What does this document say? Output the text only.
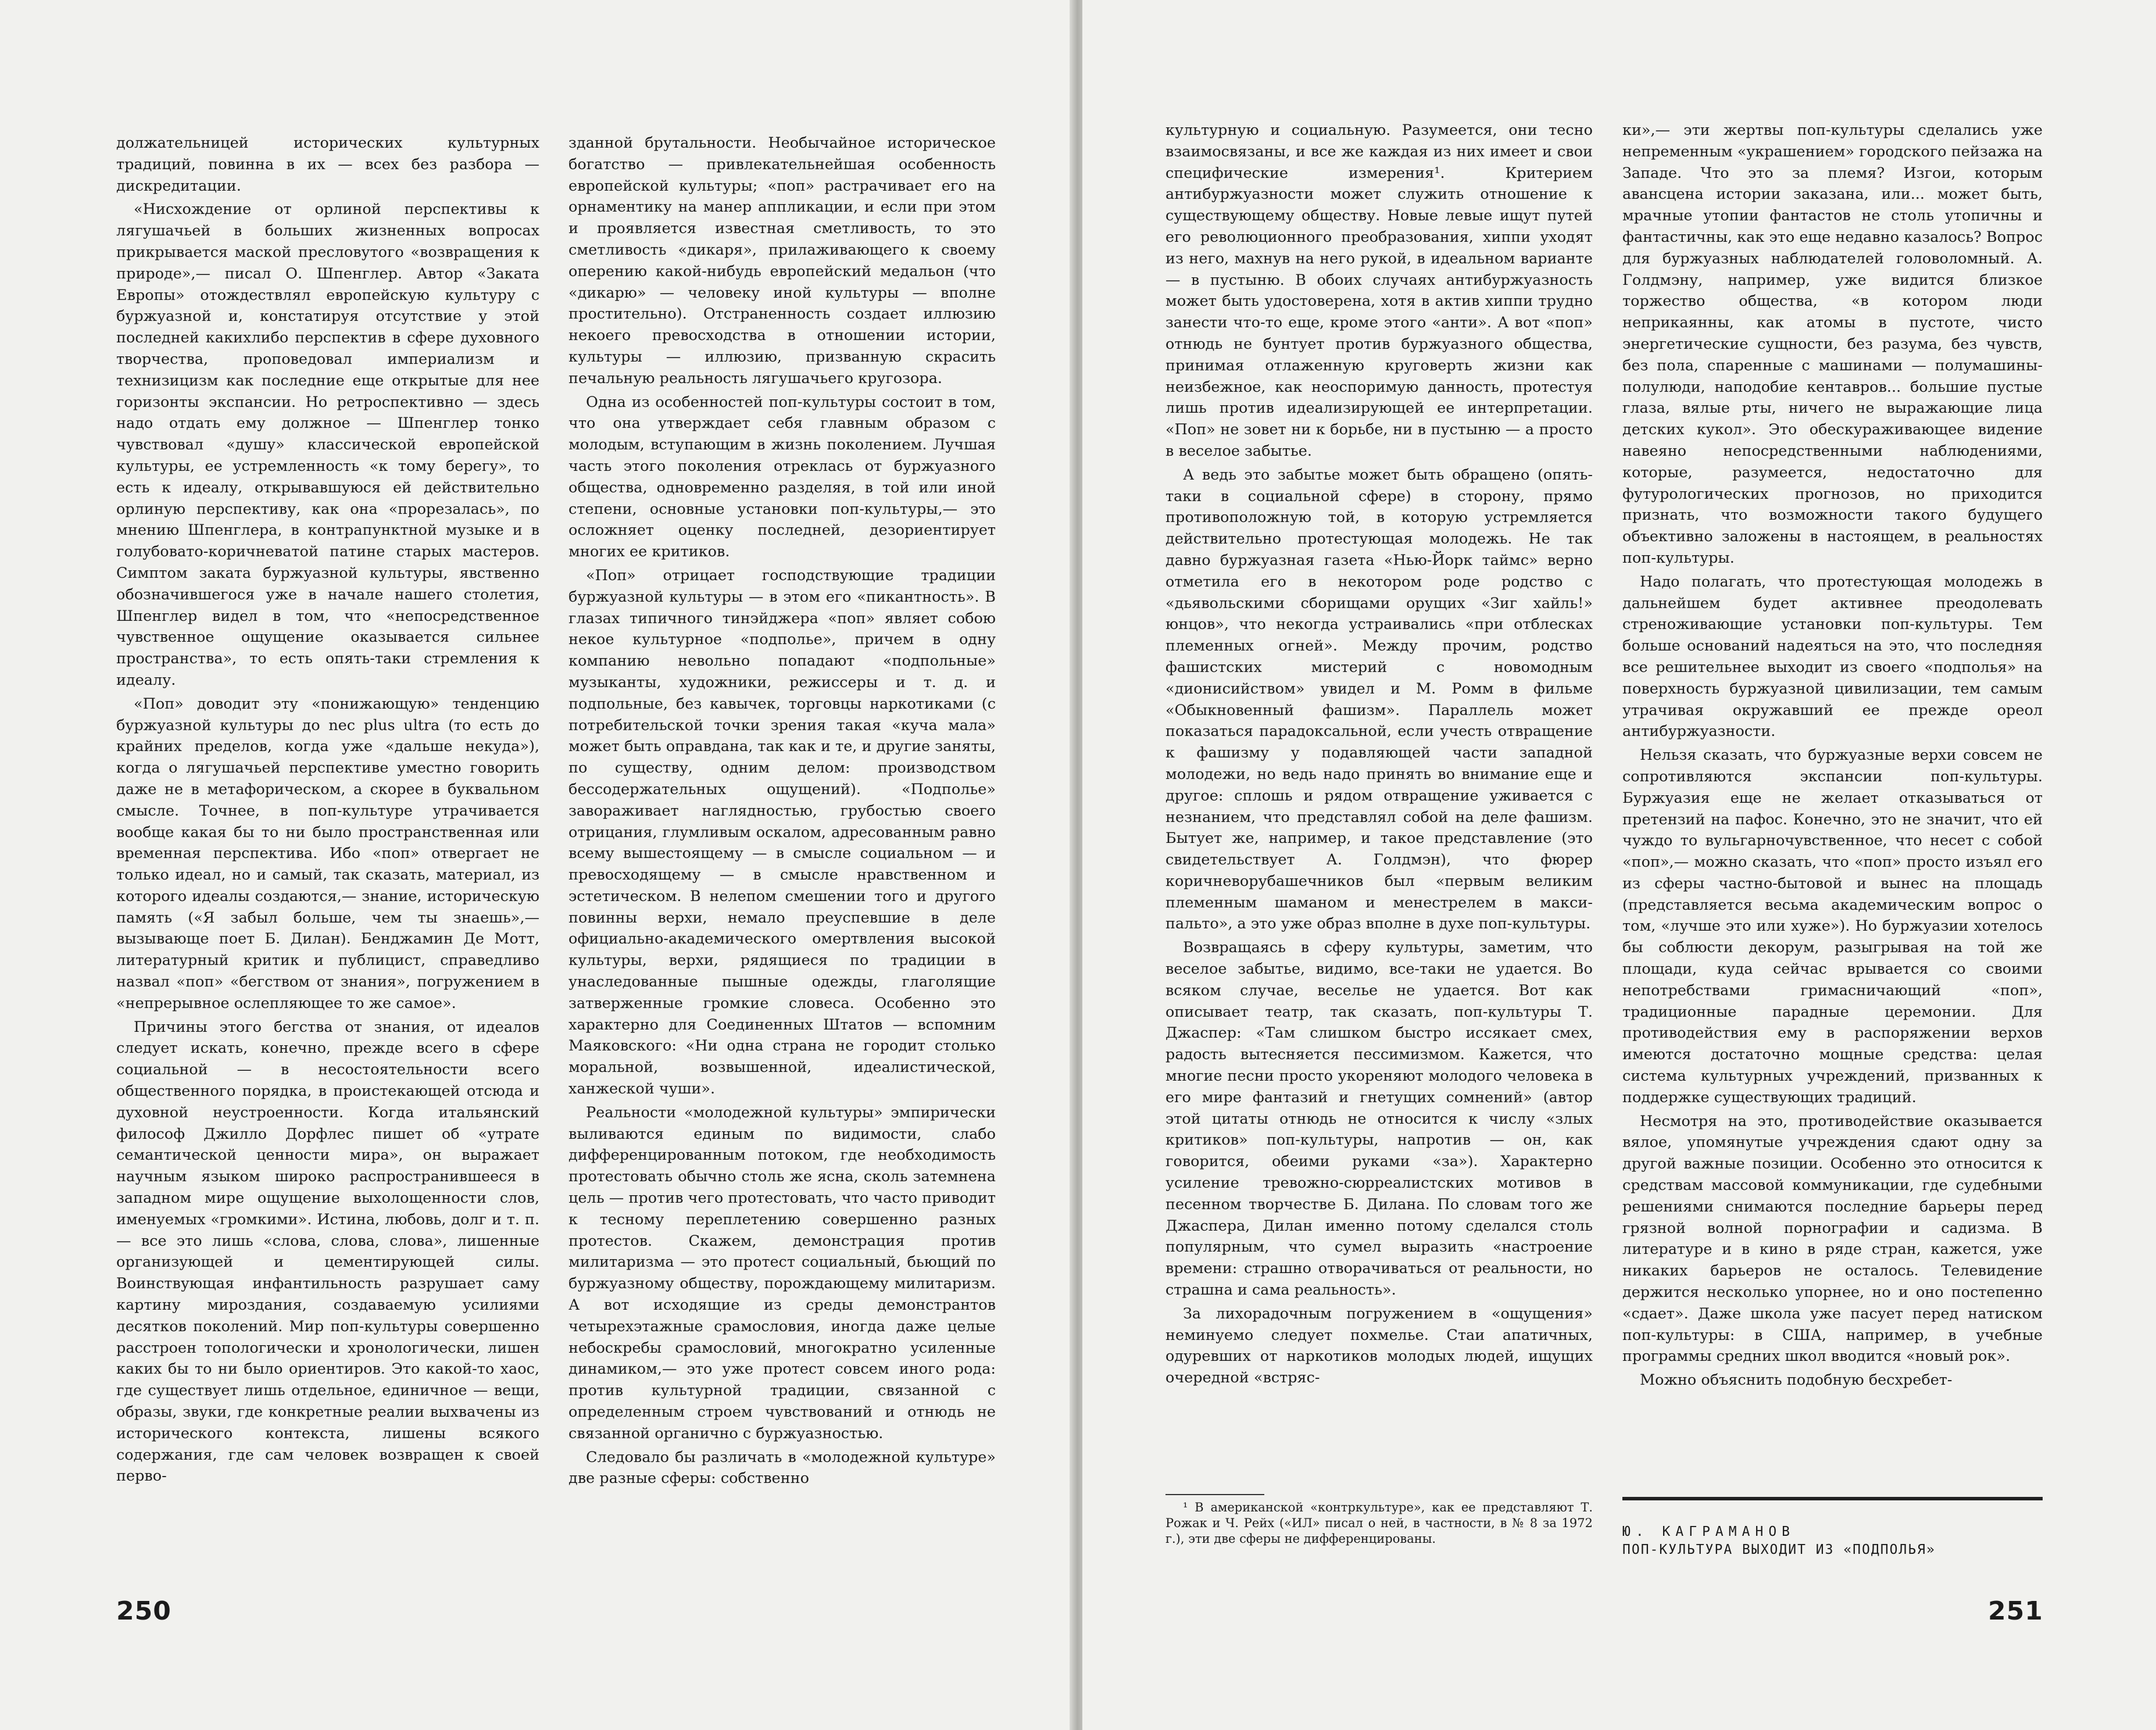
должательницей исторических культурных традиций, повинна в их — всех без разбора — дискредитации.

«Нисхождение от орлиной перспективы к лягушачьей в больших жизненных вопросах прикрывается маской пресловутого «возвращения к природе»,— писал О. Шпенглер. Автор «Заката Европы» отождествлял европейскую культуру с буржуазной и, констатируя отсутствие у этой последней какихлибо перспектив в сфере духовного творчества, проповедовал империализм и технизицизм как последние еще открытые для нее горизонты экспансии. Но ретроспективно — здесь надо отдать ему должное — Шпенглер тонко чувствовал «душу» классической европейской культуры, ее устремленность «к тому берегу», то есть к идеалу, открывавшуюся ей действительно орлиную перспективу, как она «прорезалась», по мнению Шпенглера, в контрапунктной музыке и в голубовато-коричневатой патине старых мастеров. Симптом заката буржуазной культуры, явственно обозначившегося уже в начале нашего столетия, Шпенглер видел в том, что «непосредственное чувственное ощущение оказывается сильнее пространства», то есть опять-таки стремления к идеалу.

«Поп» доводит эту «понижающую» тенденцию буржуазной культуры до nec plus ultra (то есть до крайних пределов, когда уже «дальше некуда»), когда о лягушачьей перспективе уместно говорить даже не в метафорическом, а скорее в буквальном смысле. Точнее, в поп-культуре утрачивается вообще какая бы то ни было пространственная или временная перспектива. Ибо «поп» отвергает не только идеал, но и самый, так сказать, материал, из которого идеалы создаются,— знание, историческую память («Я забыл больше, чем ты знаешь»,— вызывающе поет Б. Дилан). Бенджамин Де Мотт, литературный критик и публицист, справедливо назвал «поп» «бегством от знания», погружением в «непрерывное ослепляющее то же самое».

Причины этого бегства от знания, от идеалов следует искать, конечно, прежде всего в сфере социальной — в несостоятельности всего общественного порядка, в проистекающей отсюда и духовной неустроенности. Когда итальянский философ Джилло Дорфлес пишет об «утрате семантической ценности мира», он выражает научным языком широко распространившееся в западном мире ощущение выхолощенности слов, именуемых «громкими». Истина, любовь, долг и т. п.— все это лишь «слова, слова, слова», лишенные организующей и цементирующей силы. Воинствующая инфантильность разрушает саму картину мироздания, создаваемую усилиями десятков поколений. Мир поп-культуры совершенно расстроен топологически и хронологически, лишен каких бы то ни было ориентиров. Это какой-то хаос, где существует лишь отдельное, единичное — вещи, образы, звуки, где конкретные реалии выхвачены из исторического контекста, лишены всякого содержания, где сам человек возвращен к своей перво-

зданной брутальности. Необычайное историческое богатство — привлекательнейшая особенность европейской культуры; «поп» растрачивает его на орнаментику на манер аппликации, и если при этом и проявляется известная сметливость, то это сметливость «дикаря», прилаживающего к своему оперению какой-нибудь европейский медальон (что «дикарю» — человеку иной культуры — вполне простительно). Отстраненность создает иллюзию некоего превосходства в отношении истории, культуры — иллюзию, призванную скрасить печальную реальность лягушачьего кругозора.

Одна из особенностей поп-культуры состоит в том, что она утверждает себя главным образом с молодым, вступающим в жизнь поколением. Лучшая часть этого поколения отреклась от буржуазного общества, одновременно разделяя, в той или иной степени, основные установки поп-культуры,— это осложняет оценку последней, дезориентирует многих ее критиков.

«Поп» отрицает господствующие традиции буржуазной культуры — в этом его «пикантность». В глазах типичного тинэйджера «поп» являет собою некое культурное «подполье», причем в одну компанию невольно попадают «подпольные» музыканты, художники, режиссеры и т. д. и подпольные, без кавычек, торговцы наркотиками (с потребительской точки зрения такая «куча мала» может быть оправдана, так как и те, и другие заняты, по существу, одним делом: производством бессодержательных ощущений). «Подполье» завораживает наглядностью, грубостью своего отрицания, глумливым оскалом, адресованным равно всему вышестоящему — в смысле социальном — и превосходящему — в смысле нравственном и эстетическом. В нелепом смешении того и другого повинны верхи, немало преуспевшие в деле официально-академического омертвления высокой культуры, верхи, рядящиеся по традиции в унаследованные пышные одежды, глаголящие затверженные громкие словеса. Особенно это характерно для Соединенных Штатов — вспомним Маяковского: «Ни одна страна не городит столько моральной, возвышенной, идеалистической, ханжеской чуши».

Реальности «молодежной культуры» эмпирически выливаются единым по видимости, слабо дифференцированным потоком, где необходимость протестовать обычно столь же ясна, сколь затемнена цель — против чего протестовать, что часто приводит к тесному переплетению совершенно разных протестов. Скажем, демонстрация против милитаризма — это протест социальный, бьющий по буржуазному обществу, порождающему милитаризм. А вот исходящие из среды демонстрантов четырехэтажные срамословия, иногда даже целые небоскребы срамословий, многократно усиленные динамиком,— это уже протест совсем иного рода: против культурной традиции, связанной с определенным строем чувствований и отнюдь не связанной органично с буржуазностью.

Следовало бы различать в «молодежной культуре» две разные сферы: собственно

250

культурную и социальную. Разумеется, они тесно взаимосвязаны, и все же каждая из них имеет и свои специфические измерения¹. Критерием антибуржуазности может служить отношение к существующему обществу. Новые левые ищут путей его революционного преобразования, хиппи уходят из него, махнув на него рукой, в идеальном варианте — в пустыню. В обоих случаях антибуржуазность может быть удостоверена, хотя в актив хиппи трудно занести что-то еще, кроме этого «анти». А вот «поп» отнюдь не бунтует против буржуазного общества, принимая отлаженную круговерть жизни как неизбежное, как неоспоримую данность, протестуя лишь против идеализирующей ее интерпретации. «Поп» не зовет ни к борьбе, ни в пустыню — а просто в веселое забытье.

А ведь это забытье может быть обращено (опять-таки в социальной сфере) в сторону, прямо противоположную той, в которую устремляется действительно протестующая молодежь. Не так давно буржуазная газета «Нью-Йорк таймс» верно отметила его в некотором роде родство с «дьявольскими сборищами орущих «Зиг хайль!» юнцов», что некогда устраивались «при отблесках племенных огней». Между прочим, родство фашистских мистерий с новомодным «дионисийством» увидел и М. Ромм в фильме «Обыкновенный фашизм». Параллель может показаться парадоксальной, если учесть отвращение к фашизму у подавляющей части западной молодежи, но ведь надо принять во внимание еще и другое: сплошь и рядом отвращение уживается с незнанием, что представлял собой на деле фашизм. Бытует же, например, и такое представление (это свидетельствует А. Голдмэн), что фюрер коричневорубашечников был «первым великим племенным шаманом и менестрелем в макси-пальто», а это уже образ вполне в духе поп-культуры.

Возвращаясь в сферу культуры, заметим, что веселое забытье, видимо, все-таки не удается. Во всяком случае, веселье не удается. Вот как описывает театр, так сказать, поп-культуры Т. Джаспер: «Там слишком быстро иссякает смех, радость вытесняется пессимизмом. Кажется, что многие песни просто укореняют молодого человека в его мире фантазий и гнетущих сомнений» (автор этой цитаты отнюдь не относится к числу «злых критиков» поп-культуры, напротив — он, как говорится, обеими руками «за»). Характерно усиление тревожно-сюрреалистских мотивов в песенном творчестве Б. Дилана. По словам того же Джаспера, Дилан именно потому сделался столь популярным, что сумел выразить «настроение времени: страшно отворачиваться от реальности, но страшна и сама реальность».

За лихорадочным погружением в «ощущения» неминуемо следует похмелье. Стаи апатичных, одуревших от наркотиков молодых людей, ищущих очередной «встряс-

ки»,— эти жертвы поп-культуры сделались уже непременным «украшением» городского пейзажа на Западе. Что это за племя? Изгои, которым авансцена истории заказана, или... может быть, мрачные утопии фантастов не столь утопичны и фантастичны, как это еще недавно казалось? Вопрос для буржуазных наблюдателей головоломный. А. Голдмэну, например, уже видится близкое торжество общества, «в котором люди неприкаянны, как атомы в пустоте, чисто энергетические сущности, без разума, без чувств, без пола, спаренные с машинами — полумашины-полулюди, наподобие кентавров... большие пустые глаза, вялые рты, ничего не выражающие лица детских кукол». Это обескураживающее видение навеяно непосредственными наблюдениями, которые, разумеется, недостаточно для футурологических прогнозов, но приходится признать, что возможности такого будущего объективно заложены в настоящем, в реальностях поп-культуры.

Надо полагать, что протестующая молодежь в дальнейшем будет активнее преодолевать стреноживающие установки поп-культуры. Тем больше оснований надеяться на это, что последняя все решительнее выходит из своего «подполья» на поверхность буржуазной цивилизации, тем самым утрачивая окружавший ее прежде ореол антибуржуазности.

Нельзя сказать, что буржуазные верхи совсем не сопротивляются экспансии поп-культуры. Буржуазия еще не желает отказываться от претензий на пафос. Конечно, это не значит, что ей чуждо то вульгарночувственное, что несет с собой «поп»,— можно сказать, что «поп» просто изъял его из сферы частно-бытовой и вынес на площадь (представляется весьма академическим вопрос о том, «лучше это или хуже»). Но буржуазии хотелось бы соблюсти декорум, разыгрывая на той же площади, куда сейчас врывается со своими непотребствами гримасничающий «поп», традиционные парадные церемонии. Для противодействия ему в распоряжении верхов имеются достаточно мощные средства: целая система культурных учреждений, призванных к поддержке существующих традиций.

Несмотря на это, противодействие оказывается вялое, упомянутые учреждения сдают одну за другой важные позиции. Особенно это относится к средствам массовой коммуникации, где судебными решениями снимаются последние барьеры перед грязной волной порнографии и садизма. В литературе и в кино в ряде стран, кажется, уже никаких барьеров не осталось. Телевидение держится несколько упорнее, но и оно постепенно «сдает». Даже школа уже пасует перед натиском поп-культуры: в США, например, в учебные программы средних школ вводится «новый рок».

Можно объяснить подобную бесхребет-

¹ В американской «контркультуре», как ее представляют Т. Рожак и Ч. Рейх («ИЛ» писал о ней, в частности, в № 8 за 1972 г.), эти две сферы не дифференцированы.	Ю. КАГРАМАНОВ
ПОП-КУЛЬТУРА ВЫХОДИТ ИЗ «ПОДПОЛЬЯ»
251
